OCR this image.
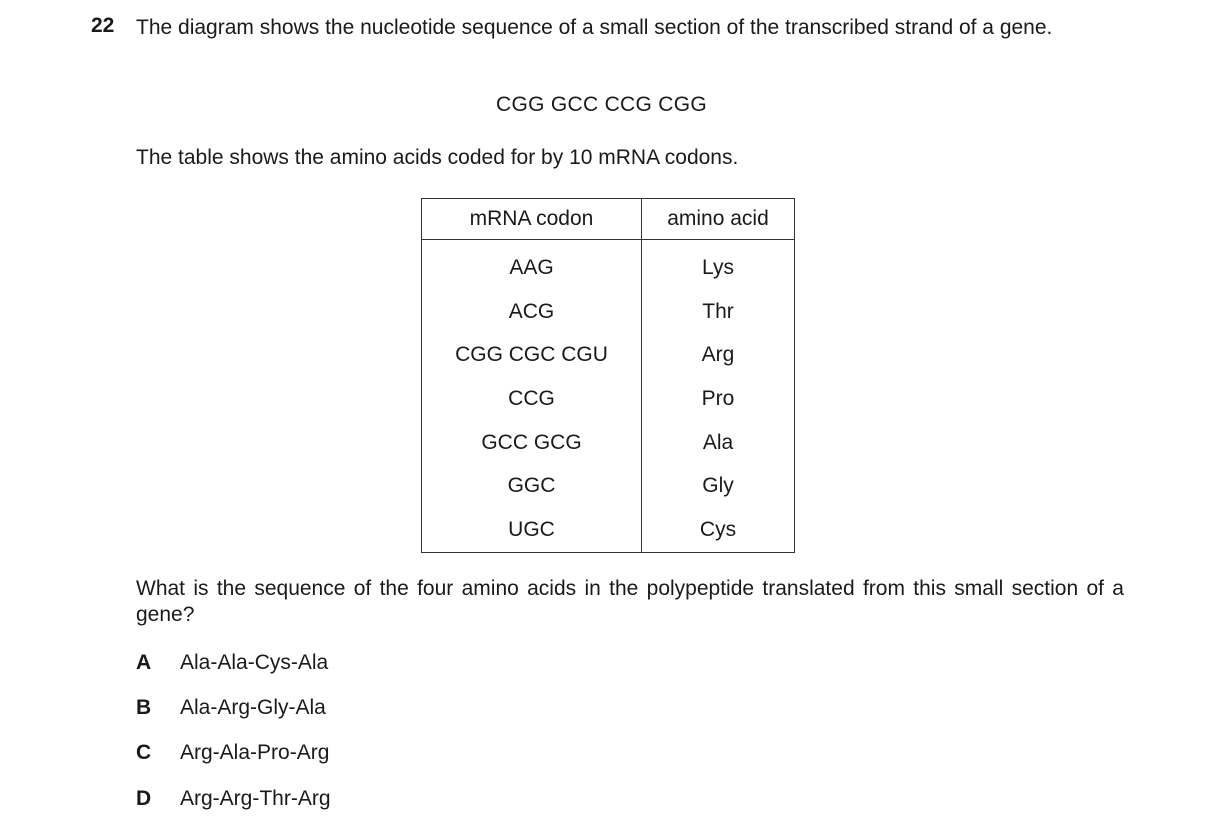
22 The diagram shows the nucleotide sequence of a small section of the transcribed strand of a gene.
CGG GCC CCG CGG
The table shows the amino acids coded for by 10 mRNA codons.
mRNA codon	amino acid
AAG	Lys
ACG	Thr
CGG CGC CGU	Arg
CCG	Pro
GCC GCG	Ala
GGC	Gly
UGC	Cys
What is the sequence of the four amino acids in the polypeptide translated from this small section of a gene?
A Ala-Ala-Cys-Ala
B Ala-Arg-Gly-Ala
C Arg-Ala-Pro-Arg
D Arg-Arg-Thr-Arg
